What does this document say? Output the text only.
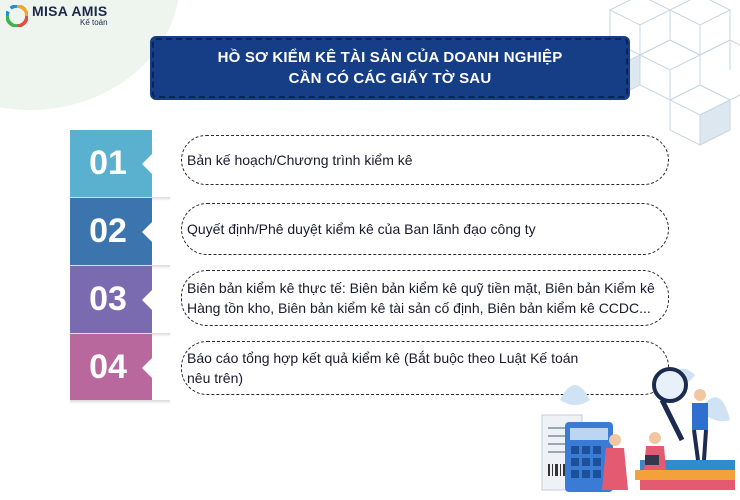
MISA AMIS
Kế toán
HỒ SƠ KIỂM KÊ TÀI SẢN CỦA DOANH NGHIỆP
CẦN CÓ CÁC GIẤY TỜ SAU
01	Bản kế hoạch/Chương trình kiểm kê
02	Quyết định/Phê duyệt kiểm kê của Ban lãnh đạo công ty
03	Biên bản kiểm kê thực tế: Biên bản kiểm kê quỹ tiền mặt, Biên bản Kiểm kê Hàng tồn kho, Biên bản kiểm kê tài sản cố định, Biên bản kiểm kê CCDC...
04	Báo cáo tổng hợp kết quả kiểm kê (Bắt buộc theo Luật Kế toán nêu trên)
